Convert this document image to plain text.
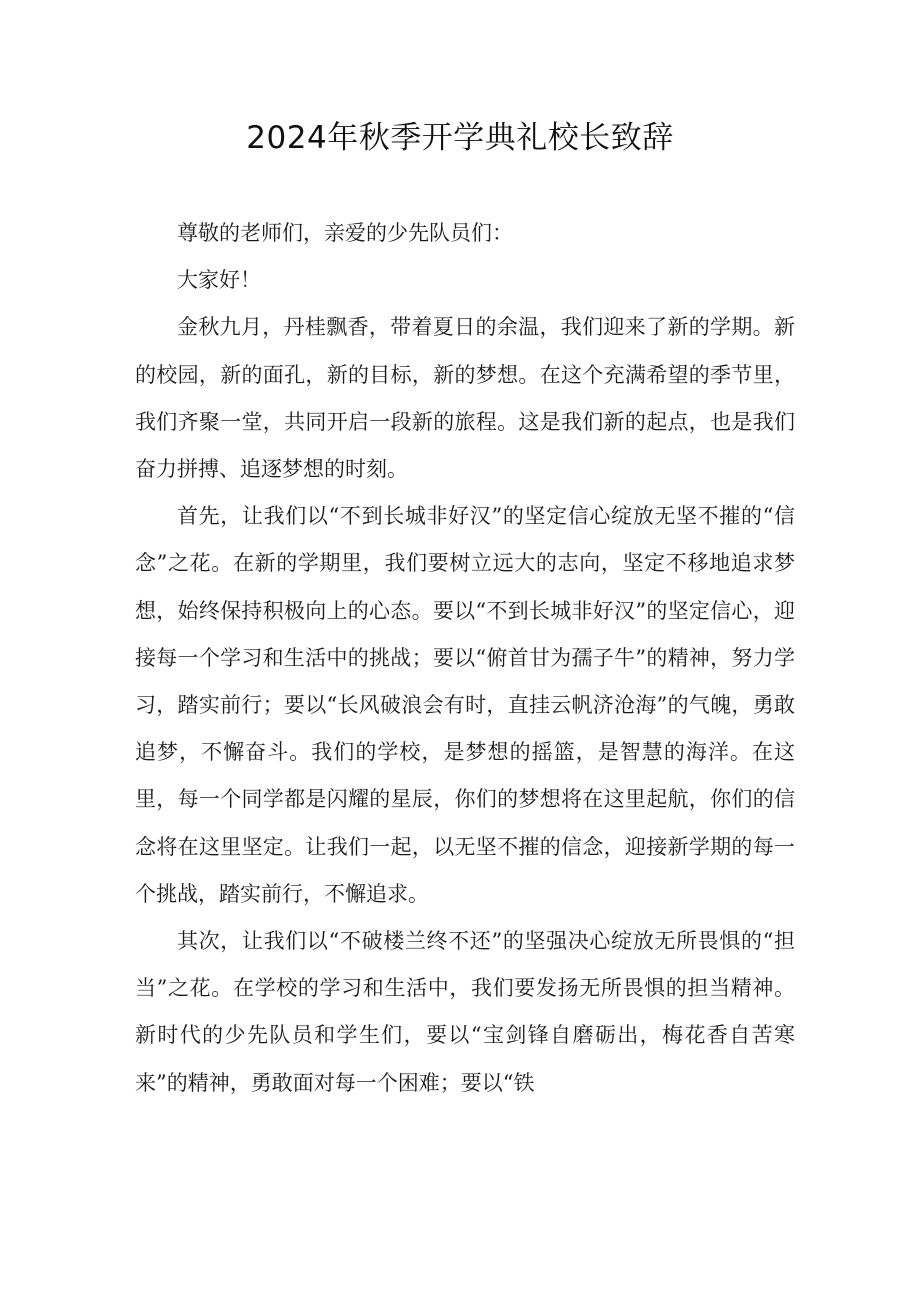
2024年秋季开学典礼校长致辞

尊敬的老师们，亲爱的少先队员们：

大家好！

金秋九月，丹桂飘香，带着夏日的余温，我们迎来了新的学期。新的校园，新的面孔，新的目标，新的梦想。在这个充满希望的季节里，我们齐聚一堂，共同开启一段新的旅程。这是我们新的起点，也是我们奋力拼搏、追逐梦想的时刻。

首先，让我们以“不到长城非好汉”的坚定信心绽放无坚不摧的“信念”之花。在新的学期里，我们要树立远大的志向，坚定不移地追求梦想，始终保持积极向上的心态。要以“不到长城非好汉”的坚定信心，迎接每一个学习和生活中的挑战；要以“俯首甘为孺子牛”的精神，努力学习，踏实前行；要以“长风破浪会有时，直挂云帆济沧海”的气魄，勇敢追梦，不懈奋斗。我们的学校，是梦想的摇篮，是智慧的海洋。在这里，每一个同学都是闪耀的星辰，你们的梦想将在这里起航，你们的信念将在这里坚定。让我们一起，以无坚不摧的信念，迎接新学期的每一个挑战，踏实前行，不懈追求。

其次，让我们以“不破楼兰终不还”的坚强决心绽放无所畏惧的“担当”之花。在学校的学习和生活中，我们要发扬无所畏惧的担当精神。新时代的少先队员和学生们，要以“宝剑锋自磨砺出，梅花香自苦寒来”的精神，勇敢面对每一个困难；要以“铁
